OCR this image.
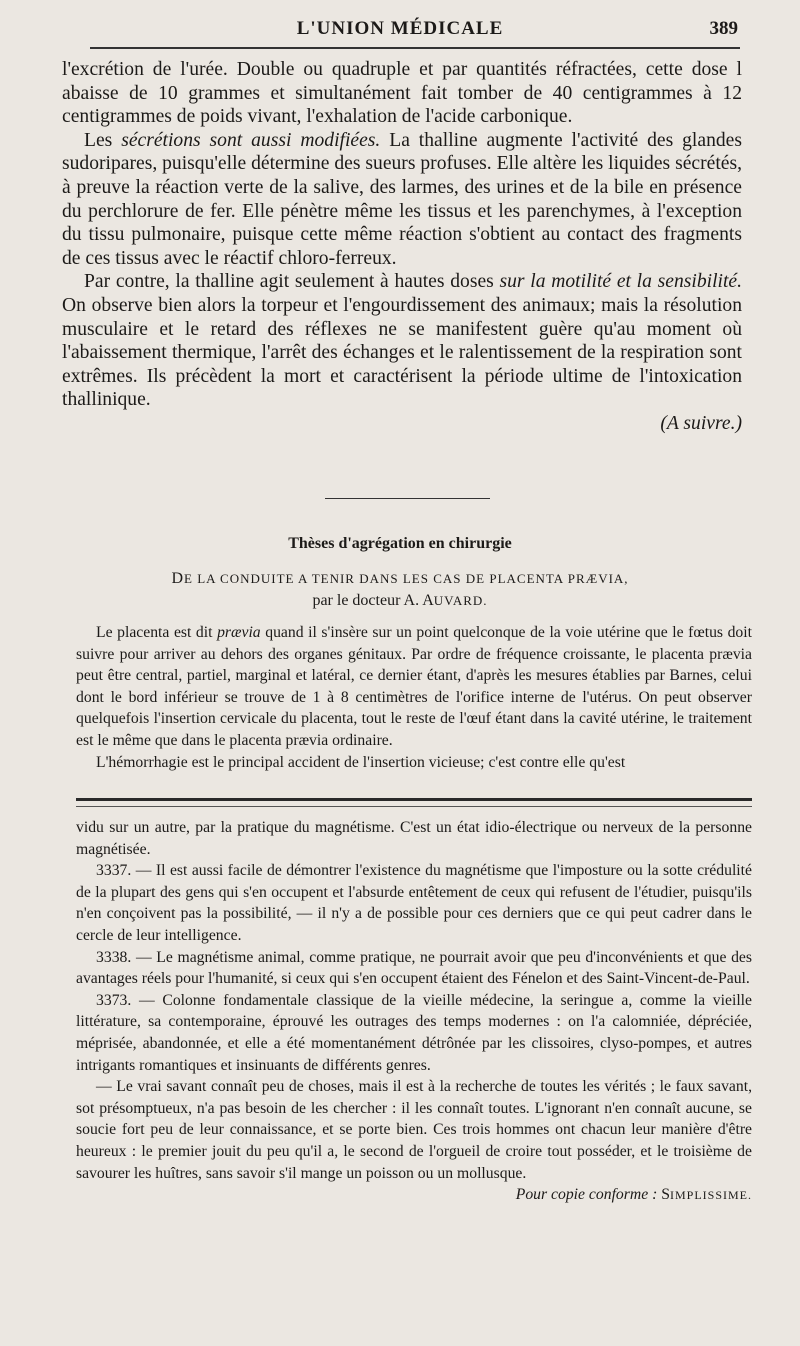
L'UNION MÉDICALE	389

l'excrétion de l'urée. Double ou quadruple et par quantités réfractées, cette dose l abaisse de 10 grammes et simultanément fait tomber de 40 centigrammes à 12 centigrammes de poids vivant, l'exhalation de l'acide carbonique.

Les sécrétions sont aussi modifiées. La thalline augmente l'activité des glandes sudoripares, puisqu'elle détermine des sueurs profuses. Elle altère les liquides sécrétés, à preuve la réaction verte de la salive, des larmes, des urines et de la bile en présence du perchlorure de fer. Elle pénètre même les tissus et les parenchymes, à l'exception du tissu pulmonaire, puisque cette même réaction s'obtient au contact des fragments de ces tissus avec le réactif chloro-ferreux.

Par contre, la thalline agit seulement à hautes doses sur la motilité et la sensibilité. On observe bien alors la torpeur et l'engourdissement des animaux; mais la résolution musculaire et le retard des réflexes ne se manifestent guère qu'au moment où l'abaissement thermique, l'arrêt des échanges et le ralentissement de la respiration sont extrêmes. Ils précèdent la mort et caractérisent la période ultime de l'intoxication thallinique.

(A suivre.)

Thèses d'agrégation en chirurgie
DE LA CONDUITE A TENIR DANS LES CAS DE PLACENTA PRÆVIA,
par le docteur A. AUVARD.

Le placenta est dit prævia quand il s'insère sur un point quelconque de la voie utérine que le fœtus doit suivre pour arriver au dehors des organes génitaux. Par ordre de fréquence croissante, le placenta prævia peut être central, partiel, marginal et latéral, ce dernier étant, d'après les mesures établies par Barnes, celui dont le bord inférieur se trouve de 1 à 8 centimètres de l'orifice interne de l'utérus. On peut observer quelquefois l'insertion cervicale du placenta, tout le reste de l'œuf étant dans la cavité utérine, le traitement est le même que dans le placenta prævia ordinaire.

L'hémorrhagie est le principal accident de l'insertion vicieuse; c'est contre elle qu'est

vidu sur un autre, par la pratique du magnétisme. C'est un état idio-électrique ou nerveux de la personne magnétisée.

3337. — Il est aussi facile de démontrer l'existence du magnétisme que l'imposture ou la sotte crédulité de la plupart des gens qui s'en occupent et l'absurde entêtement de ceux qui refusent de l'étudier, puisqu'ils n'en conçoivent pas la possibilité, — il n'y a de possible pour ces derniers que ce qui peut cadrer dans le cercle de leur intelligence.

3338. — Le magnétisme animal, comme pratique, ne pourrait avoir que peu d'inconvénients et que des avantages réels pour l'humanité, si ceux qui s'en occupent étaient des Fénelon et des Saint-Vincent-de-Paul.

3373. — Colonne fondamentale classique de la vieille médecine, la seringue a, comme la vieille littérature, sa contemporaine, éprouvé les outrages des temps modernes : on l'a calomniée, dépréciée, méprisée, abandonnée, et elle a été momentanément détrônée par les clissoires, clyso-pompes, et autres intrigants romantiques et insinuants de différents genres.

— Le vrai savant connaît peu de choses, mais il est à la recherche de toutes les vérités ; le faux savant, sot présomptueux, n'a pas besoin de les chercher : il les connaît toutes. L'ignorant n'en connaît aucune, se soucie fort peu de leur connaissance, et se porte bien. Ces trois hommes ont chacun leur manière d'être heureux : le premier jouit du peu qu'il a, le second de l'orgueil de croire tout posséder, et le troisième de savourer les huîtres, sans savoir s'il mange un poisson ou un mollusque.

Pour copie conforme : SIMPLISSIME.
